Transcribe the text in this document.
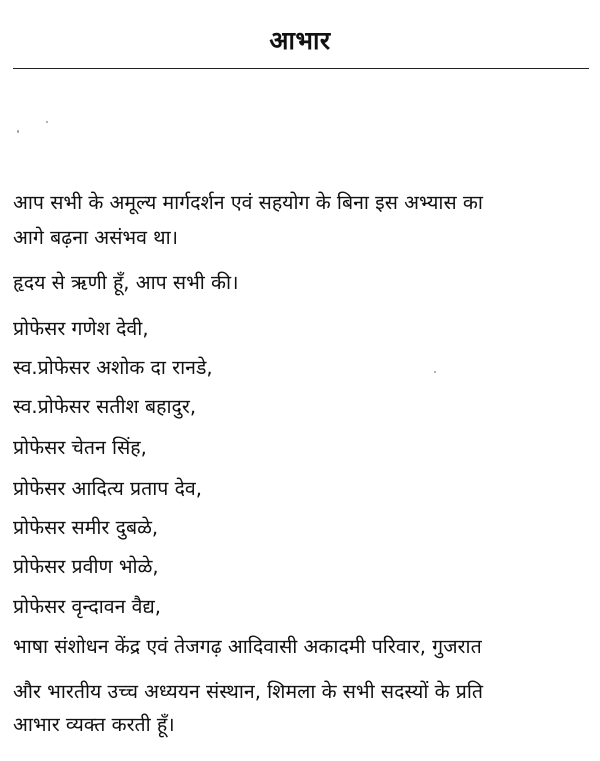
आभार
आप सभी के अमूल्य मार्गदर्शन एवं सहयोग के बिना इस अभ्यास का
आगे बढ़ना असंभव था।
हृदय से ऋणी हूँ, आप सभी की।
प्रोफेसर गणेश देवी,
स्व.प्रोफेसर अशोक दा रानडे,
स्व.प्रोफेसर सतीश बहादुर,
प्रोफेसर चेतन सिंह,
प्रोफेसर आदित्य प्रताप देव,
प्रोफेसर समीर दुबळे,
प्रोफेसर प्रवीण भोळे,
प्रोफेसर वृन्दावन वैद्य,
भाषा संशोधन केंद्र एवं तेजगढ़ आदिवासी अकादमी परिवार, गुजरात
और भारतीय उच्च अध्ययन संस्थान, शिमला के सभी सदस्यों के प्रति
आभार व्यक्त करती हूँ।
